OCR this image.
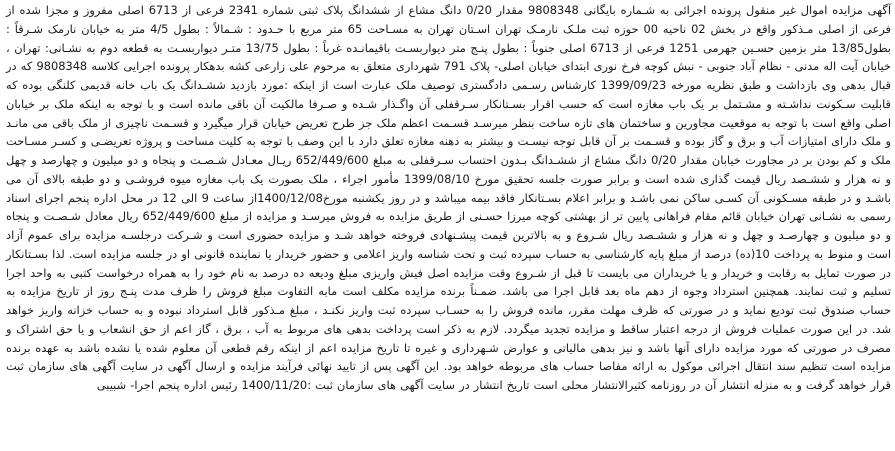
آگهی مزایده اموال غیر منقول پرونده اجرائی به شـماره بایگانی 9808348 مقدار 0/20 دانگ مشاع از ششدانگ پلاک ثبتی شماره 2341 فرعی از 6713 اصلی مفروز و مجزا شده از فرعی از اصلی مـذکور واقع در بخش 02 ناحیه 00 حوزه ثبت ملـک نارمـک تهران اسـتان تهران به مسـاحت 65 متر مربع با حـدود : شـمالاً : بطول 4/5 متر به خیابان نارمک شـرقاً : بطول13/85 متر بزمین حسـین جهرمی 1251 فرعی از 6713 اصلی جنوباً : بطول پنـج متر دیواربسـت باقیمانـده غرباً : بطول 13/75 متـر دیواربسـت به قطعه دوم به نشـانی: تهران ، خیابان آیت اله مدنی - نظام آباد جنوبی - نبش کوچه فرخ نوری ابتدای خیابان اصلی- پلاک 791 شهرداری متعلق به مرحوم علی زارعی کشه بدهکار پرونده اجرایی کلاسه 9808348 که در قبال بدهی وی بازداشت و طبق نظریه مورخه 1399/09/23 کارشناس رسـمی دادگستری توصیف ملک عبارت است از اینکه :مورد بازدید ششـدانگ یک باب خانه قدیمی کلنگی بوده که قابلیت سـکونت نداشـته و مشـتمل بر یک باب مغازه است که حسب اقرار بسـتانکار سـرقفلی آن واگـذار شـده و صـرفا مالکیت آن باقی مانده است و با توجه به اینکه ملک بر خیابان اصلی واقع است با توجه به موقعیت مجاورین و ساختمان های تازه ساخت بنظر میرسـد قسـمت اعظم ملک جز طرح تعریض خیابان قرار میگیرد و قسـمت ناچیزی از ملک باقی می مانـد و ملک دارای امتیازات آب و برق و گاز بوده و قسـمت بر آن قابل توجه نیسـت و بیشتر به دهنه مغازه تعلق دارد با این وصف با توجه به کلیت مساحت و پروژه تعریضـی و کسـر مسـاحت ملک و کم بودن بر در مجاورت خیابان مقدار 0/20 دانگ مشاع از ششـدانگ بـدون احتساب سـرقفلی به مبلغ 652/449/600 ریـال معـادل شـصـت و پنجاه و دو میلیون و چهارصد و چهل و نه هزار و ششـصد ریال قیمت گذاری شده است و برابر صورت جلسه تحقیق مورخ 1399/08/10 مأمور اجراء ، ملک بصورت یک باب مغازه میوه فروشـی و دو طبقه بالای آن می باشـد و در طبقه مسـکونی آن کسـی ساکن نمی باشـد و برابر اعلام بسـتانکار فاقد بیمه میباشد و در روز یکشنبه مورخ1400/12/08از ساعت 9 الی 12 در محل اداره پنجم اجرای اسناد رسمی به نشـانی تهران خیابان قائم مقام فراهانی پایین تر از بهشتی کوچه میرزا حسـنی از طریق مزایده به فروش میرسـد و مزایده از مبلغ 652/449/600 ریال معادل شـصـت و پنجاه و دو میلیون و چهارصـد و چهل و نه هزار و ششـصد ریال شـروع و به بالاترین قیمت پیشـنهادی فروخته خواهد شـد و مزایده حضوری است و شـرکت درجلسـه مزایده برای عموم آزاد است و منوط به پرداخت 10(ده) درصد از مبلغ پایه کارشناسی به حساب سپرده ثبت و تحت شناسه واریز اعلامی و حضور خریدار یا نماینده قانونی او در جلسه مزایده است. لذا بسـتانکار در صورت تمایل به رقابت و خریدار و یا خریداران می بایست تا قبل از شـروع وقت مزایده اصل فیش واریزی مبلغ ودیعه ده درصد به نام خود را به همراه درخواست کتبی به واحد اجرا تسلیم و ثبت نمایند. همچنین استرداد وجوه از دهم ماه بعد قابل اجرا می باشد. ضمـناً برنده مزایده مکلف است مابه التفاوت مبلغ فروش را ظرف مدت پنـج روز از تاریخ مزایده به حساب صندوق ثبت تودیع نماید و در صورتی که ظرف مهلت مقرر، مانده فروش را به حسـاب سپرده ثبت واریز نکنـد ، مبلغ مـذکور قابل استرداد نبوده و به حساب خزانه واریز خواهد شد. در این صورت عملیات فروش از درجه اعتبار ساقط و مزایده تجدید میگردد. لازم به ذکر است پرداخت بدهی های مربوط به آب ، برق ، گاز اعم از حق انشعاب و یا حق اشتراک و مصرف در صورتی که مورد مزایده دارای آنها باشد و نیز بدهی مالیاتی و عوارض شـهرداری و غیره تا تاریخ مزایده اعم از اینکه رقم قطعی آن معلوم شده یا نشده باشد به عهده برنده مزایده است تنظیم سند انتقال اجرائی موکول به ارائه مفاصا حساب های مربوطه خواهد بود. این آگهی پس از تایید نهائی فرآیند مزایده و ارسال آگهی در سایت آگهی های سازمان ثبت قرار خواهد گرفت و به منزله انتشار آن در روزنامه کثیرالانتشار محلی است تاریخ انتشار در سایت آگهی های سازمان ثبت :1400/11/20 رئیس اداره پنجم اجرا- شبیبی
